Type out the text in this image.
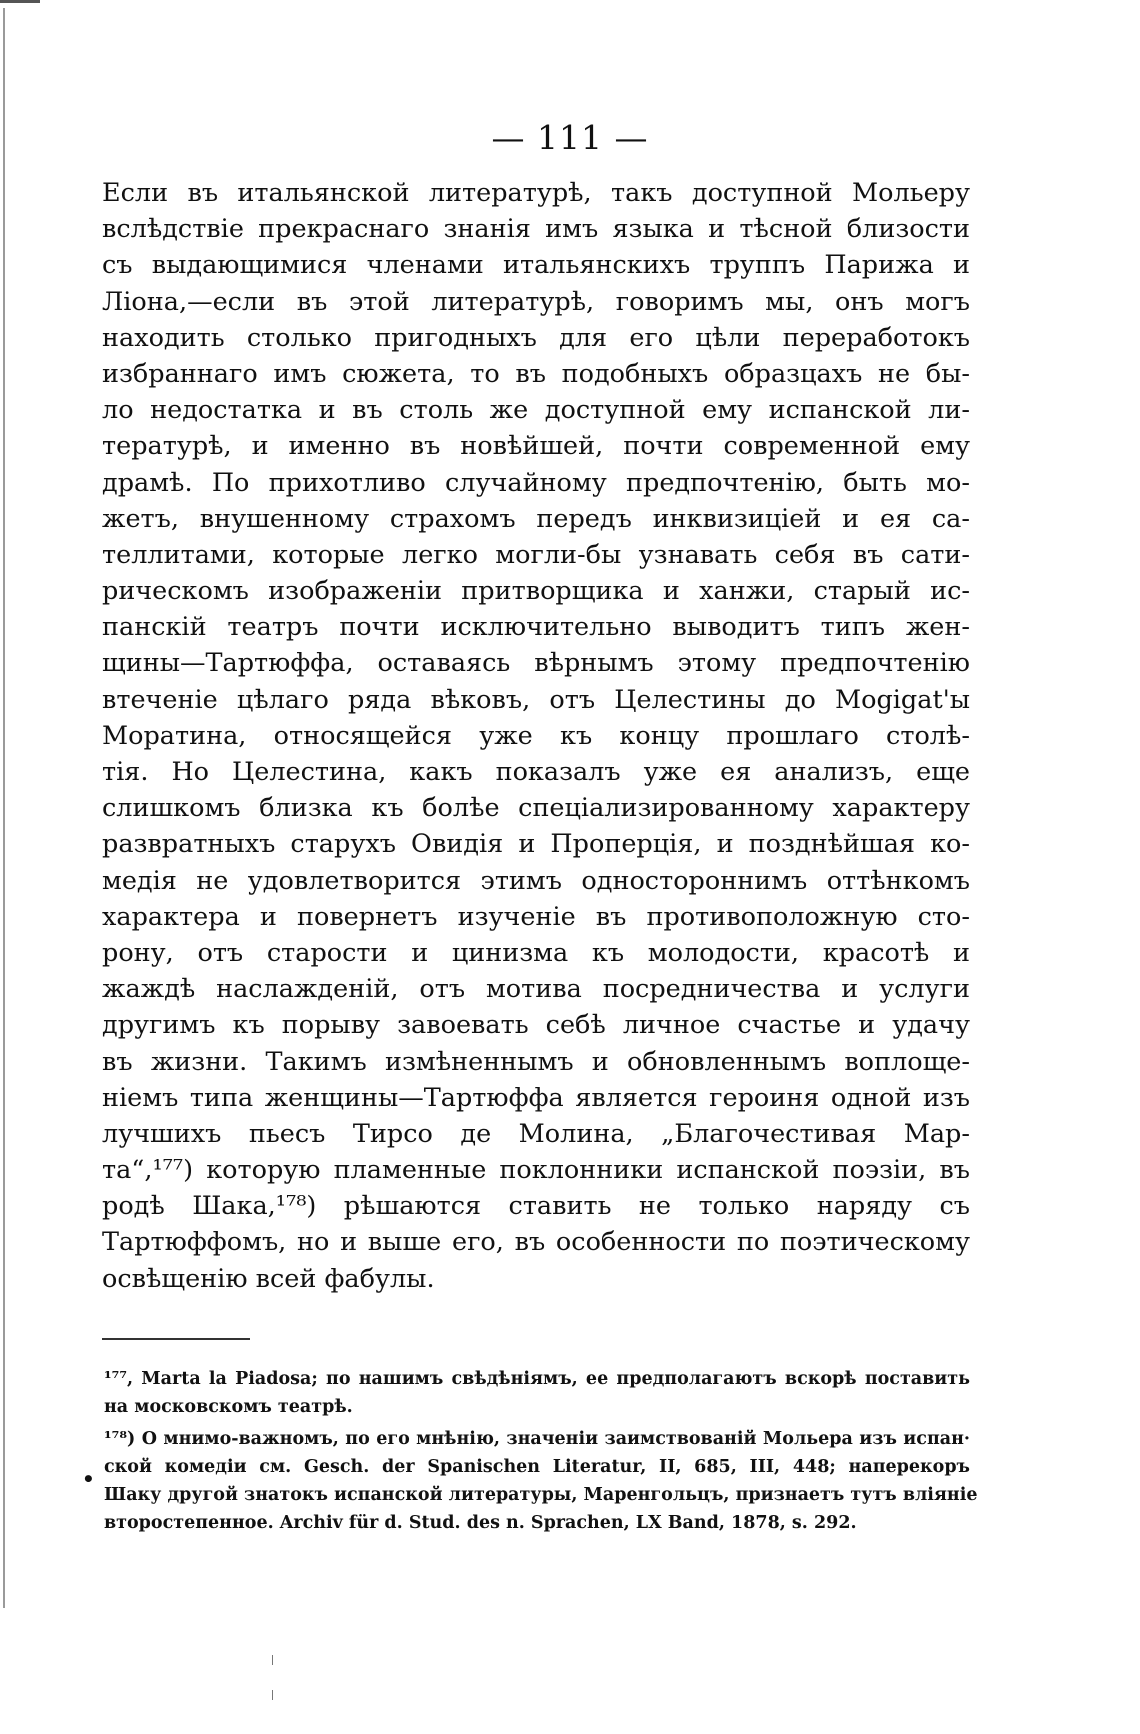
— 111 —
Если въ итальянской литературѣ, такъ доступной Мольеру
вслѣдствіе прекраснаго знанія имъ языка и тѣсной близости
съ выдающимися членами итальянскихъ труппъ Парижа и
Ліона,—если въ этой литературѣ, говоримъ мы, онъ могъ
находить столько пригодныхъ для его цѣли переработокъ
избраннаго имъ сюжета, то въ подобныхъ образцахъ не бы-
ло недостатка и въ столь же доступной ему испанской ли-
тературѣ, и именно въ новѣйшей, почти современной ему
драмѣ. По прихотливо случайному предпочтенію, быть мо-
жетъ, внушенному страхомъ передъ инквизиціей и ея са-
теллитами, которые легко могли-бы узнавать себя въ сати-
рическомъ изображеніи притворщика и ханжи, старый ис-
панскій театръ почти исключительно выводитъ типъ жен-
щины—Тартюффа, оставаясь вѣрнымъ этому предпочтенію
втеченіе цѣлаго ряда вѣковъ, отъ Целестины до Mogigat'ы
Моратина, относящейся уже къ концу прошлаго столѣ-
тія. Но Целестина, какъ показалъ уже ея анализъ, еще
слишкомъ близка къ болѣе спеціализированному характеру
развратныхъ старухъ Овидія и Проперція, и позднѣйшая ко-
медія не удовлетворится этимъ одностороннимъ оттѣнкомъ
характера и повернетъ изученіе въ противоположную сто-
рону, отъ старости и цинизма къ молодости, красотѣ и
жаждѣ наслажденій, отъ мотива посредничества и услуги
другимъ къ порыву завоевать себѣ личное счастье и удачу
въ жизни. Такимъ измѣненнымъ и обновленнымъ воплоще-
ніемъ типа женщины—Тартюффа является героиня одной изъ
лучшихъ пьесъ Тирсо де Молина, „Благочестивая Мар-
та“,¹⁷⁷) которую пламенные поклонники испанской поэзіи, въ
родѣ Шака,¹⁷⁸) рѣшаются ставить не только наряду съ
Тартюффомъ, но и выше его, въ особенности по поэтическому
освѣщенію всей фабулы.
¹⁷⁷, Marta la Piadosa; по нашимъ свѣдѣніямъ, ее предполагаютъ вскорѣ поставить
на московскомъ театрѣ.
¹⁷⁸) О мнимо-важномъ, по его мнѣнію, значеніи заимствованій Мольера изъ испан·
ской комедіи см. Gesch. der Spanischen Literatur, II, 685, III, 448; наперекоръ
Шаку другой знатокъ испанской литературы, Маренгольцъ, признаетъ тутъ вліяніе
второстепенное. Archiv für d. Stud. des n. Sprachen, LX Band, 1878, s. 292.
•
